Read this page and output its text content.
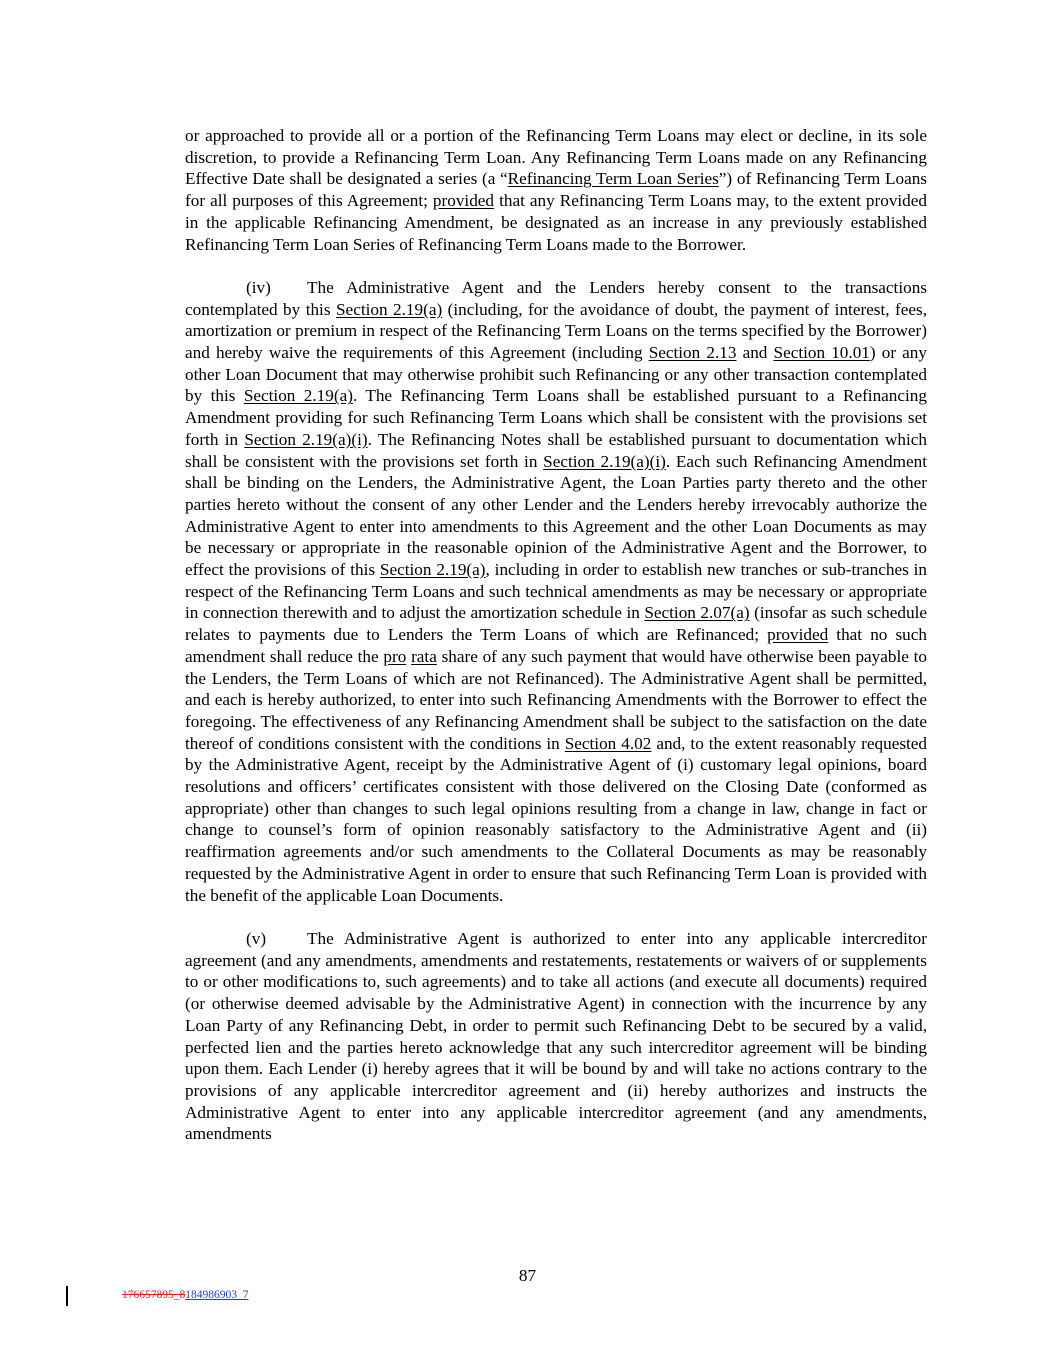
or approached to provide all or a portion of the Refinancing Term Loans may elect or decline, in its sole discretion, to provide a Refinancing Term Loan. Any Refinancing Term Loans made on any Refinancing Effective Date shall be designated a series (a “Refinancing Term Loan Series”) of Refinancing Term Loans for all purposes of this Agreement; provided that any Refinancing Term Loans may, to the extent provided in the applicable Refinancing Amendment, be designated as an increase in any previously established Refinancing Term Loan Series of Refinancing Term Loans made to the Borrower.

(iv) The Administrative Agent and the Lenders hereby consent to the transactions contemplated by this Section 2.19(a) (including, for the avoidance of doubt, the payment of interest, fees, amortization or premium in respect of the Refinancing Term Loans on the terms specified by the Borrower) and hereby waive the requirements of this Agreement (including Section 2.13 and Section 10.01) or any other Loan Document that may otherwise prohibit such Refinancing or any other transaction contemplated by this Section 2.19(a). The Refinancing Term Loans shall be established pursuant to a Refinancing Amendment providing for such Refinancing Term Loans which shall be consistent with the provisions set forth in Section 2.19(a)(i). The Refinancing Notes shall be established pursuant to documentation which shall be consistent with the provisions set forth in Section 2.19(a)(i). Each such Refinancing Amendment shall be binding on the Lenders, the Administrative Agent, the Loan Parties party thereto and the other parties hereto without the consent of any other Lender and the Lenders hereby irrevocably authorize the Administrative Agent to enter into amendments to this Agreement and the other Loan Documents as may be necessary or appropriate in the reasonable opinion of the Administrative Agent and the Borrower, to effect the provisions of this Section 2.19(a), including in order to establish new tranches or sub-tranches in respect of the Refinancing Term Loans and such technical amendments as may be necessary or appropriate in connection therewith and to adjust the amortization schedule in Section 2.07(a) (insofar as such schedule relates to payments due to Lenders the Term Loans of which are Refinanced; provided that no such amendment shall reduce the pro rata share of any such payment that would have otherwise been payable to the Lenders, the Term Loans of which are not Refinanced). The Administrative Agent shall be permitted, and each is hereby authorized, to enter into such Refinancing Amendments with the Borrower to effect the foregoing. The effectiveness of any Refinancing Amendment shall be subject to the satisfaction on the date thereof of conditions consistent with the conditions in Section 4.02 and, to the extent reasonably requested by the Administrative Agent, receipt by the Administrative Agent of (i) customary legal opinions, board resolutions and officers’ certificates consistent with those delivered on the Closing Date (conformed as appropriate) other than changes to such legal opinions resulting from a change in law, change in fact or change to counsel’s form of opinion reasonably satisfactory to the Administrative Agent and (ii) reaffirmation agreements and/or such amendments to the Collateral Documents as may be reasonably requested by the Administrative Agent in order to ensure that such Refinancing Term Loan is provided with the benefit of the applicable Loan Documents.

(v) The Administrative Agent is authorized to enter into any applicable intercreditor agreement (and any amendments, amendments and restatements, restatements or waivers of or supplements to or other modifications to, such agreements) and to take all actions (and execute all documents) required (or otherwise deemed advisable by the Administrative Agent) in connection with the incurrence by any Loan Party of any Refinancing Debt, in order to permit such Refinancing Debt to be secured by a valid, perfected lien and the parties hereto acknowledge that any such intercreditor agreement will be binding upon them. Each Lender (i) hereby agrees that it will be bound by and will take no actions contrary to the provisions of any applicable intercreditor agreement and (ii) hereby authorizes and instructs the Administrative Agent to enter into any applicable intercreditor agreement (and any amendments, amendments

87
176657895_8184986903_7
